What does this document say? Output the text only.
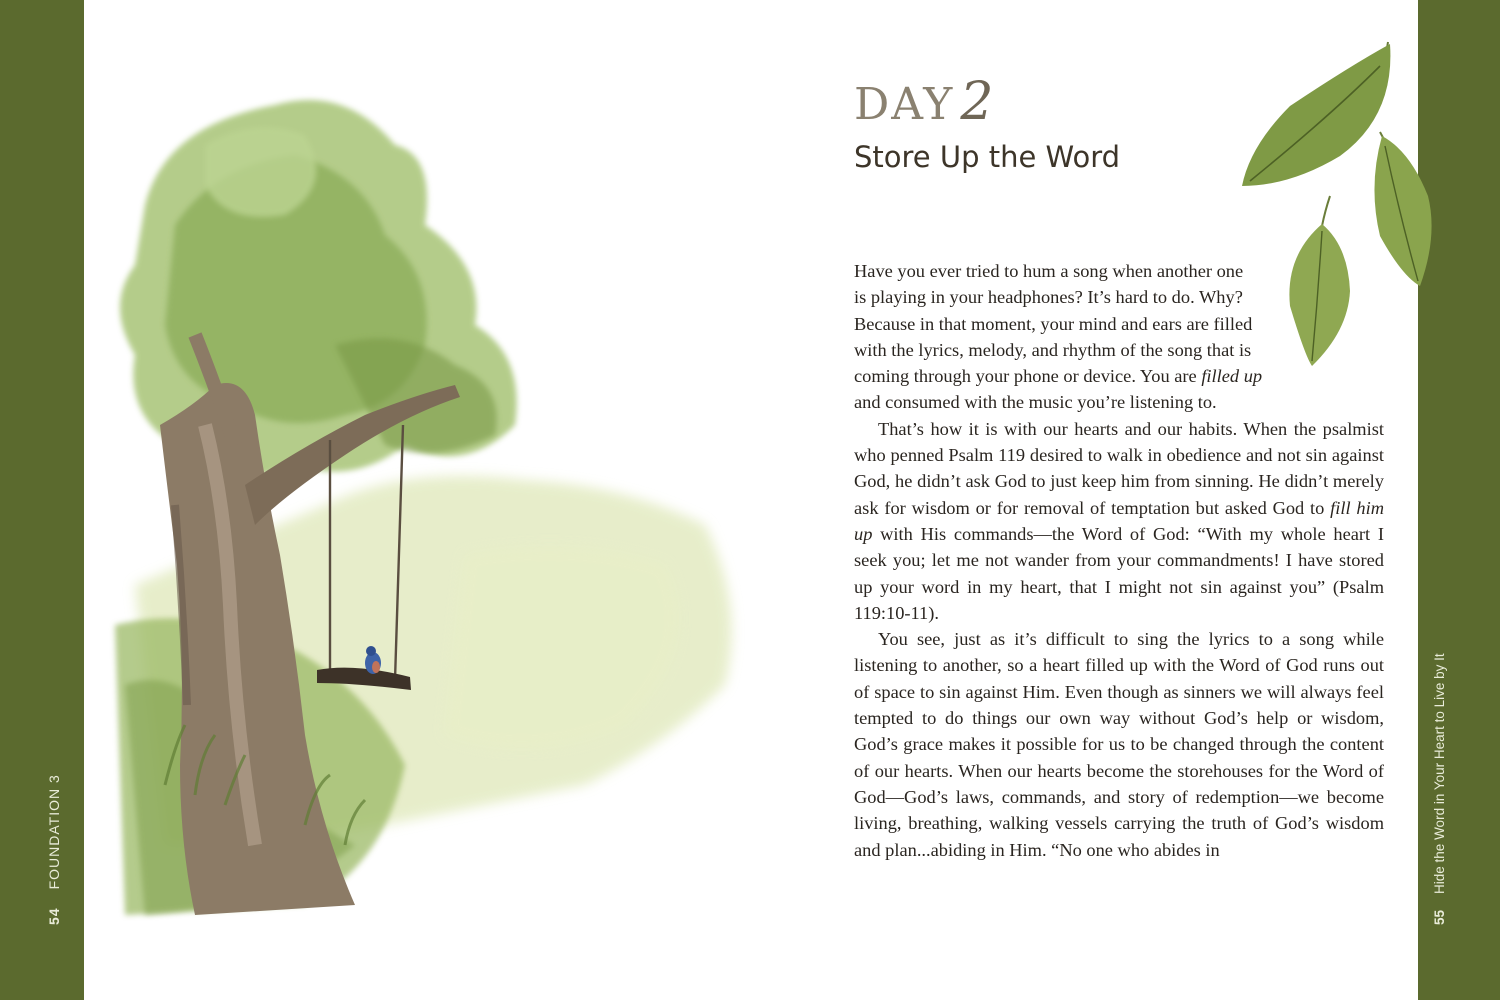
54FOUNDATION 3
55Hide the Word in Your Heart to Live by It
DAY 2
Store Up the Word

Have you ever tried to hum a song when another one
is playing in your headphones? It’s hard to do. Why?
Because in that moment, your mind and ears are filled
with the lyrics, melody, and rhythm of the song that is
coming through your phone or device. You are filled up
and consumed with the music you’re listening to.

That’s how it is with our hearts and our habits. When the psalmist who penned Psalm 119 desired to walk in obedience and not sin against God, he didn’t ask God to just keep him from sinning. He didn’t merely ask for wisdom or for removal of temptation but asked God to fill him up with His commands—the Word of God: “With my whole heart I seek you; let me not wander from your commandments! I have stored up your word in my heart, that I might not sin against you” (Psalm 119:10-11).

You see, just as it’s difficult to sing the lyrics to a song while listening to another, so a heart filled up with the Word of God runs out of space to sin against Him. Even though as sinners we will always feel tempted to do things our own way without God’s help or wisdom, God’s grace makes it possible for us to be changed through the content of our hearts. When our hearts become the storehouses for the Word of God—God’s laws, commands, and story of redemption—we become living, breathing, walking vessels carrying the truth of God’s wisdom and plan...abiding in Him. “No one who abides in
